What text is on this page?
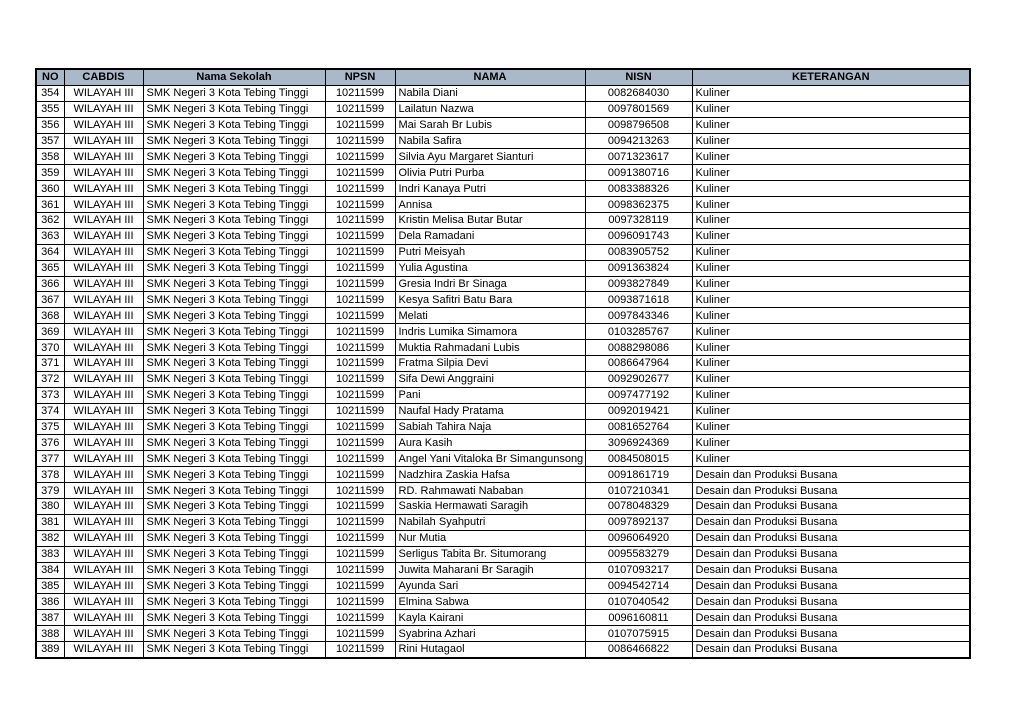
NO	CABDIS	Nama Sekolah	NPSN	NAMA	NISN	KETERANGAN
354	WILAYAH III	SMK Negeri 3 Kota Tebing Tinggi	10211599	Nabila Diani	0082684030	Kuliner
355	WILAYAH III	SMK Negeri 3 Kota Tebing Tinggi	10211599	Lailatun Nazwa	0097801569	Kuliner
356	WILAYAH III	SMK Negeri 3 Kota Tebing Tinggi	10211599	Mai Sarah Br Lubis	0098796508	Kuliner
357	WILAYAH III	SMK Negeri 3 Kota Tebing Tinggi	10211599	Nabila Safira	0094213263	Kuliner
358	WILAYAH III	SMK Negeri 3 Kota Tebing Tinggi	10211599	Silvia Ayu Margaret Sianturi	0071323617	Kuliner
359	WILAYAH III	SMK Negeri 3 Kota Tebing Tinggi	10211599	Olivia Putri Purba	0091380716	Kuliner
360	WILAYAH III	SMK Negeri 3 Kota Tebing Tinggi	10211599	Indri Kanaya Putri	0083388326	Kuliner
361	WILAYAH III	SMK Negeri 3 Kota Tebing Tinggi	10211599	Annisa	0098362375	Kuliner
362	WILAYAH III	SMK Negeri 3 Kota Tebing Tinggi	10211599	Kristin Melisa Butar Butar	0097328119	Kuliner
363	WILAYAH III	SMK Negeri 3 Kota Tebing Tinggi	10211599	Dela Ramadani	0096091743	Kuliner
364	WILAYAH III	SMK Negeri 3 Kota Tebing Tinggi	10211599	Putri Meisyah	0083905752	Kuliner
365	WILAYAH III	SMK Negeri 3 Kota Tebing Tinggi	10211599	Yulia Agustina	0091363824	Kuliner
366	WILAYAH III	SMK Negeri 3 Kota Tebing Tinggi	10211599	Gresia Indri Br Sinaga	0093827849	Kuliner
367	WILAYAH III	SMK Negeri 3 Kota Tebing Tinggi	10211599	Kesya Safitri Batu Bara	0093871618	Kuliner
368	WILAYAH III	SMK Negeri 3 Kota Tebing Tinggi	10211599	Melati	0097843346	Kuliner
369	WILAYAH III	SMK Negeri 3 Kota Tebing Tinggi	10211599	Indris Lumika Simamora	0103285767	Kuliner
370	WILAYAH III	SMK Negeri 3 Kota Tebing Tinggi	10211599	Muktia Rahmadani Lubis	0088298086	Kuliner
371	WILAYAH III	SMK Negeri 3 Kota Tebing Tinggi	10211599	Fratma Silpia Devi	0086647964	Kuliner
372	WILAYAH III	SMK Negeri 3 Kota Tebing Tinggi	10211599	Sifa Dewi Anggraini	0092902677	Kuliner
373	WILAYAH III	SMK Negeri 3 Kota Tebing Tinggi	10211599	Pani	0097477192	Kuliner
374	WILAYAH III	SMK Negeri 3 Kota Tebing Tinggi	10211599	Naufal Hady Pratama	0092019421	Kuliner
375	WILAYAH III	SMK Negeri 3 Kota Tebing Tinggi	10211599	Sabiah Tahira Naja	0081652764	Kuliner
376	WILAYAH III	SMK Negeri 3 Kota Tebing Tinggi	10211599	Aura Kasih	3096924369	Kuliner
377	WILAYAH III	SMK Negeri 3 Kota Tebing Tinggi	10211599	Angel Yani Vitaloka Br Simangunsong	0084508015	Kuliner
378	WILAYAH III	SMK Negeri 3 Kota Tebing Tinggi	10211599	Nadzhira Zaskia Hafsa	0091861719	Desain dan Produksi Busana
379	WILAYAH III	SMK Negeri 3 Kota Tebing Tinggi	10211599	RD. Rahmawati Nababan	0107210341	Desain dan Produksi Busana
380	WILAYAH III	SMK Negeri 3 Kota Tebing Tinggi	10211599	Saskia Hermawati Saragih	0078048329	Desain dan Produksi Busana
381	WILAYAH III	SMK Negeri 3 Kota Tebing Tinggi	10211599	Nabilah Syahputri	0097892137	Desain dan Produksi Busana
382	WILAYAH III	SMK Negeri 3 Kota Tebing Tinggi	10211599	Nur Mutia	0096064920	Desain dan Produksi Busana
383	WILAYAH III	SMK Negeri 3 Kota Tebing Tinggi	10211599	Serligus Tabita Br. Situmorang	0095583279	Desain dan Produksi Busana
384	WILAYAH III	SMK Negeri 3 Kota Tebing Tinggi	10211599	Juwita Maharani Br Saragih	0107093217	Desain dan Produksi Busana
385	WILAYAH III	SMK Negeri 3 Kota Tebing Tinggi	10211599	Ayunda Sari	0094542714	Desain dan Produksi Busana
386	WILAYAH III	SMK Negeri 3 Kota Tebing Tinggi	10211599	Elmina Sabwa	0107040542	Desain dan Produksi Busana
387	WILAYAH III	SMK Negeri 3 Kota Tebing Tinggi	10211599	Kayla Kairani	0096160811	Desain dan Produksi Busana
388	WILAYAH III	SMK Negeri 3 Kota Tebing Tinggi	10211599	Syabrina Azhari	0107075915	Desain dan Produksi Busana
389	WILAYAH III	SMK Negeri 3 Kota Tebing Tinggi	10211599	Rini Hutagaol	0086466822	Desain dan Produksi Busana
